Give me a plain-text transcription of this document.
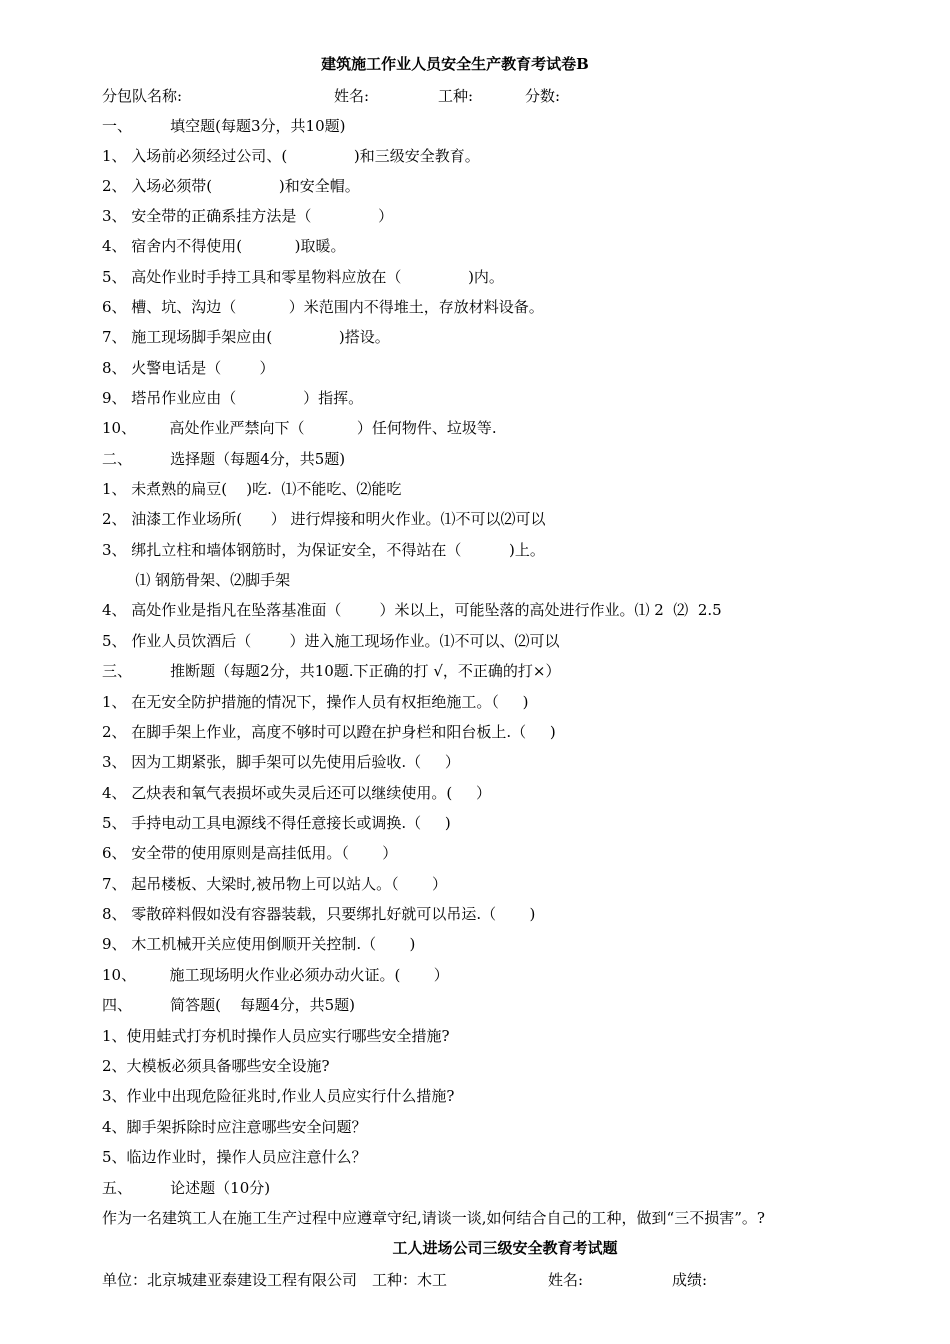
建筑施工作业人员安全生产教育考试卷B
分包队名称:	姓名:	工种:	分数:
一、        填空题(每题3分，共10题)
1、 入场前必须经过公司、(              )和三级安全教育。
2、 入场必须带(              )和安全帽。
3、 安全带的正确系挂方法是（              ）
4、 宿舍内不得使用(           )取暖。
5、 高处作业时手持工具和零星物料应放在（              )内。
6、 槽、坑、沟边（           ）米范围内不得堆土，存放材料设备。
7、 施工现场脚手架应由(              )搭设。
8、 火警电话是（        ）
9、 塔吊作业应由（              ）指挥。
10、       高处作业严禁向下（           ）任何物件、垃圾等.
二、        选择题（每题4分，共5题)
1、 未煮熟的扁豆(    )吃.  ⑴不能吃、⑵能吃
2、 油漆工作业场所(      ） 进行焊接和明火作业。⑴不可以⑵可以
3、 绑扎立柱和墙体钢筋时，为保证安全，不得站在（          )上。
⑴ 钢筋骨架、⑵脚手架
4、 高处作业是指凡在坠落基准面（        ）米以上，可能坠落的高处进行作业。⑴ 2  ⑵  2.5
5、 作业人员饮酒后（        ）进入施工现场作业。⑴不可以、⑵可以
三、        推断题（每题2分，共10题.下正确的打 √，不正确的打×）
1、 在无安全防护措施的情况下，操作人员有权拒绝施工。（     )
2、 在脚手架上作业，高度不够时可以蹬在护身栏和阳台板上.（     )
3、 因为工期紧张，脚手架可以先使用后验收.（     ）
4、 乙炔表和氧气表损坏或失灵后还可以继续使用。(     ）
5、 手持电动工具电源线不得任意接长或调换.（     )
6、 安全带的使用原则是高挂低用。（       ）
7、 起吊楼板、大梁时,被吊物上可以站人。（       ）
8、 零散碎料假如没有容器装载，只要绑扎好就可以吊运.（       )
9、 木工机械开关应使用倒顺开关控制.（       )
10、       施工现场明火作业必须办动火证。(       ）
四、        简答题(    每题4分，共5题)
1、使用蛙式打夯机时操作人员应实行哪些安全措施?
2、大模板必须具备哪些安全设施?
3、作业中出现危险征兆时,作业人员应实行什么措施?
4、脚手架拆除时应注意哪些安全问题？
5、临边作业时，操作人员应注意什么？
五、        论述题（10分)
作为一名建筑工人在施工生产过程中应遵章守纪,请谈一谈,如何结合自己的工种，做到“三不损害”。?
工人进场公司三级安全教育考试题
单位：北京城建亚泰建设工程有限公司 工种：木工	姓名:	成绩:
